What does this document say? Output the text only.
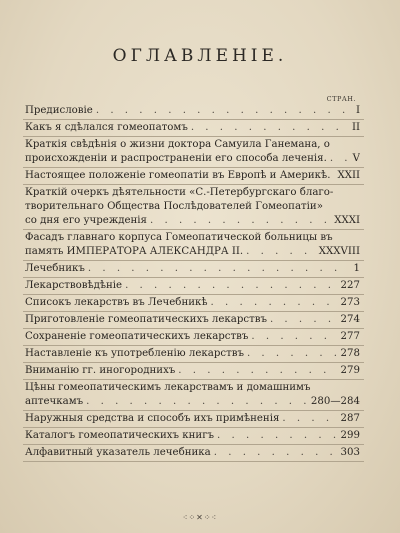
ОГЛАВЛЕНІЕ.
СТРАН.
Предисловіе . . .	I
Какъ я сдѣлался гомеопатомъ . . .	II
Краткія свѣдѣнія о жизни доктора Самуила Ганемана, о
происхожденіи и распространеніи его способа леченія. . . .	V
Настоящее положеніе гомеопатіи въ Европѣ и Америкѣ. . . . XXII
Краткій очеркъ дѣятельности «С.-Петербургскаго благо-
творительнаго Общества Послѣдователей Гомеопатіи»
со дня его учрежденія . . .	XXXI
Фасадъ главнаго корпуса Гомеопатической больницы въ
память ИМПЕРАТОРА АЛЕКСАНДРА II. . . .	XXXVIII
Лечебникъ . . .	1
Лекарствовѣдѣніе . . .	227
Списокъ лекарствъ въ Лечебникѣ . . .	273
Приготовленіе гомеопатическихъ лекарствъ . . .	274
Сохраненіе гомеопатическихъ лекарствъ . . .	277
Наставленіе къ употребленію лекарствъ . . .	278
Вниманію гг. иногороднихъ . . .	279
Цѣны гомеопатическимъ лекарствамъ и домашнимъ
аптечкамъ . . .	280—284
Наружныя средства и способъ ихъ примѣненія . . .	287
Каталогъ гомеопатическихъ книгъ . . .	299
Алфавитный указатель лечебника . . .	303
⁖⁘✕⁘⁖
